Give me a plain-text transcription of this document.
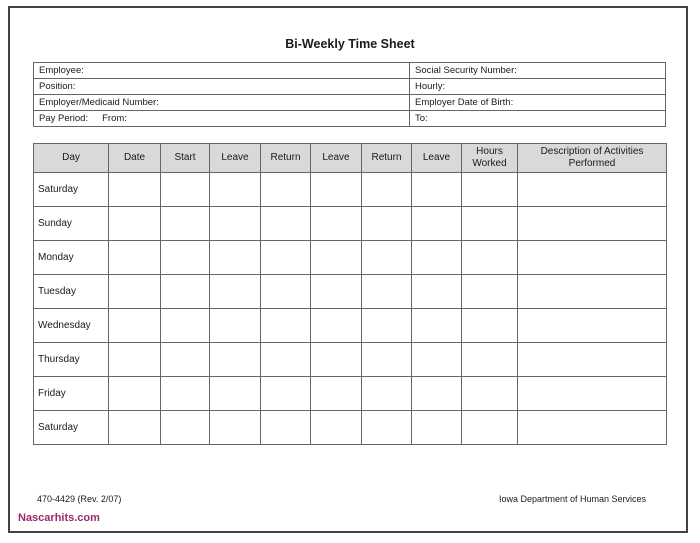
Bi-Weekly Time Sheet
Employee:	Social Security Number:
Position:	Hourly:
Employer/Medicaid Number:	Employer Date of Birth:
Pay Period: From:	To:
Day	Date	Start	Leave	Return	Leave	Return	Leave	Hours Worked	Description of Activities Performed
Saturday									
Sunday									
Monday									
Tuesday									
Wednesday									
Thursday									
Friday									
Saturday									
470-4429 (Rev. 2/07)	Iowa Department of Human Services
Nascarhits.com
